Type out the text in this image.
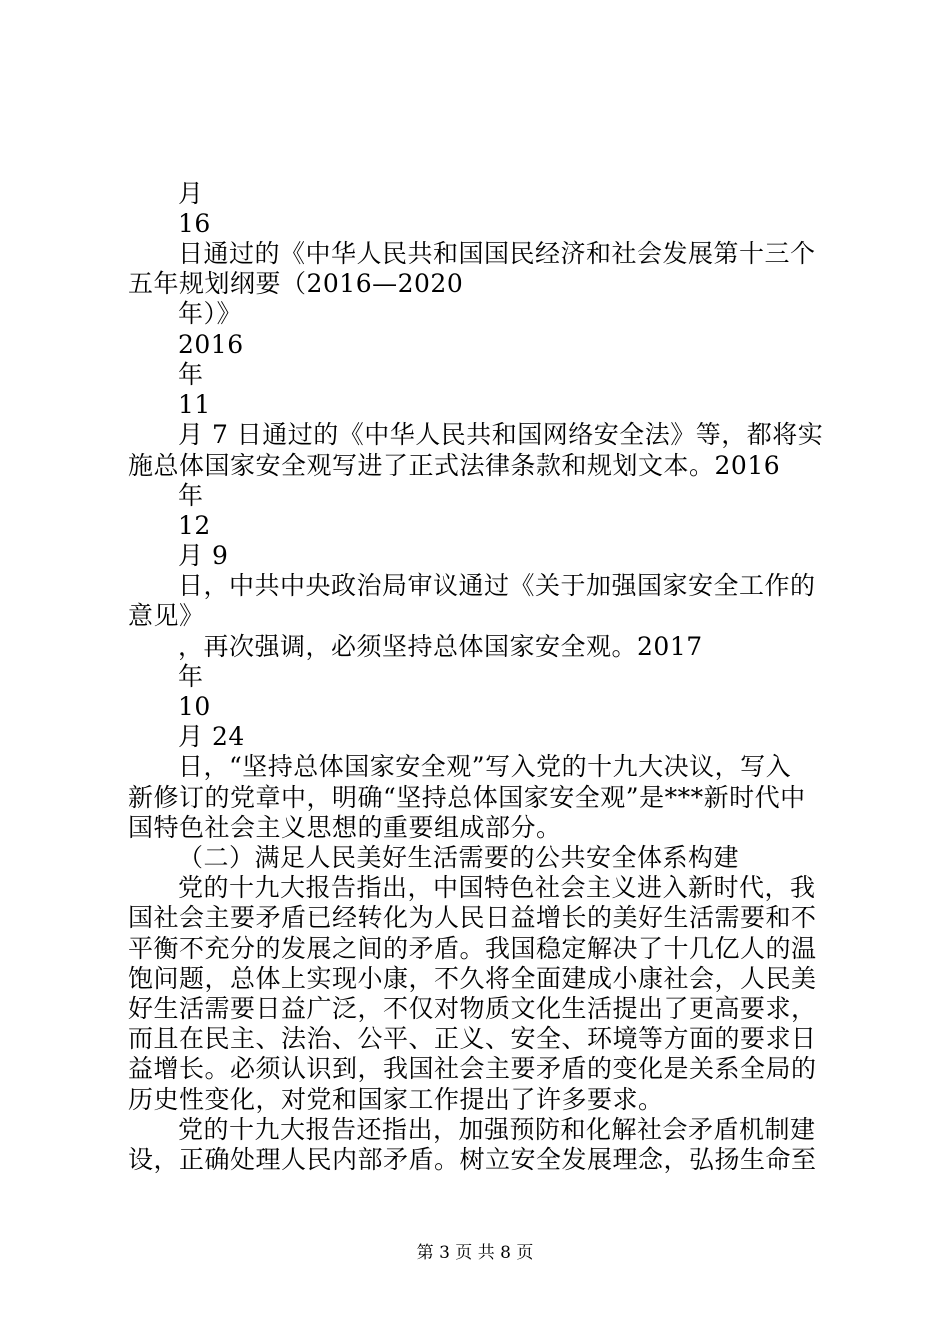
月
16
日通过的《中华人民共和国国民经济和社会发展第十三个
五年规划纲要（2016—2020
年）》
2016
年
11
月 7 日通过的《中华人民共和国网络安全法》等，都将实
施总体国家安全观写进了正式法律条款和规划文本。2016
年
12
月 9
日，中共中央政治局审议通过《关于加强国家安全工作的
意见》
，再次强调，必须坚持总体国家安全观。2017
年
10
月 24
日，“坚持总体国家安全观”写入党的十九大决议，写入
新修订的党章中，明确“坚持总体国家安全观”是***新时代中
国特色社会主义思想的重要组成部分。
（二）满足人民美好生活需要的公共安全体系构建
党的十九大报告指出，中国特色社会主义进入新时代，我
国社会主要矛盾已经转化为人民日益增长的美好生活需要和不
平衡不充分的发展之间的矛盾。我国稳定解决了十几亿人的温
饱问题，总体上实现小康，不久将全面建成小康社会，人民美
好生活需要日益广泛，不仅对物质文化生活提出了更高要求，
而且在民主、法治、公平、正义、安全、环境等方面的要求日
益增长。必须认识到，我国社会主要矛盾的变化是关系全局的
历史性变化，对党和国家工作提出了许多要求。
党的十九大报告还指出，加强预防和化解社会矛盾机制建
设，正确处理人民内部矛盾。树立安全发展理念，弘扬生命至
第 3 页 共 8 页
